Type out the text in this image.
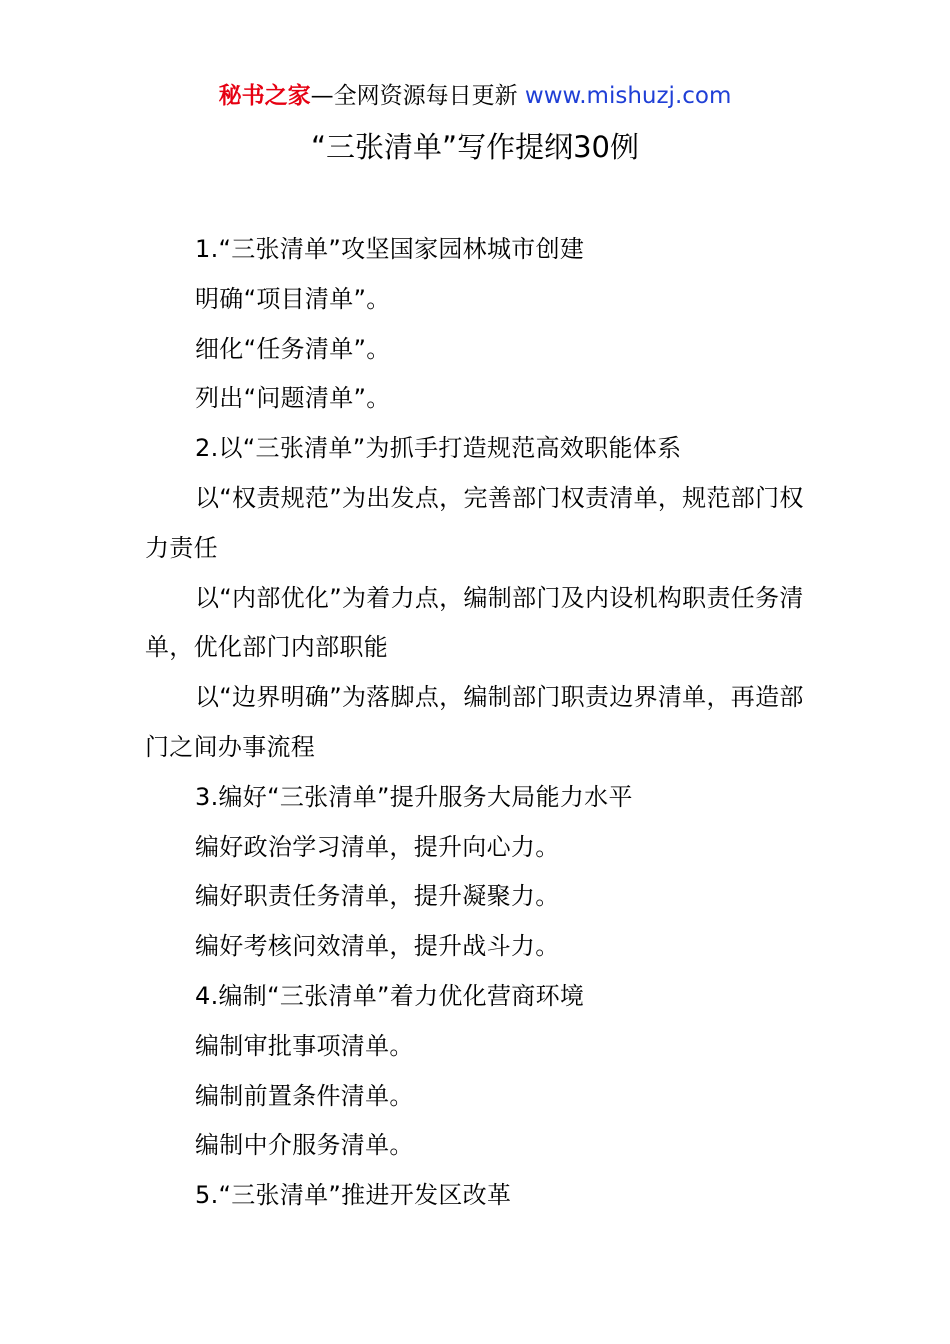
秘书之家—全网资源每日更新 www.mishuzj.com
“三张清单”写作提纲30例

1.“三张清单”攻坚国家园林城市创建

明确“项目清单”。

细化“任务清单”。

列出“问题清单”。

2.以“三张清单”为抓手打造规范高效职能体系

以“权责规范”为出发点，完善部门权责清单，规范部门权力责任

以“内部优化”为着力点，编制部门及内设机构职责任务清单，优化部门内部职能

以“边界明确”为落脚点，编制部门职责边界清单，再造部门之间办事流程

3.编好“三张清单”提升服务大局能力水平

编好政治学习清单，提升向心力。

编好职责任务清单，提升凝聚力。

编好考核问效清单，提升战斗力。

4.编制“三张清单”着力优化营商环境

编制审批事项清单。

编制前置条件清单。

编制中介服务清单。

5.“三张清单”推进开发区改革
